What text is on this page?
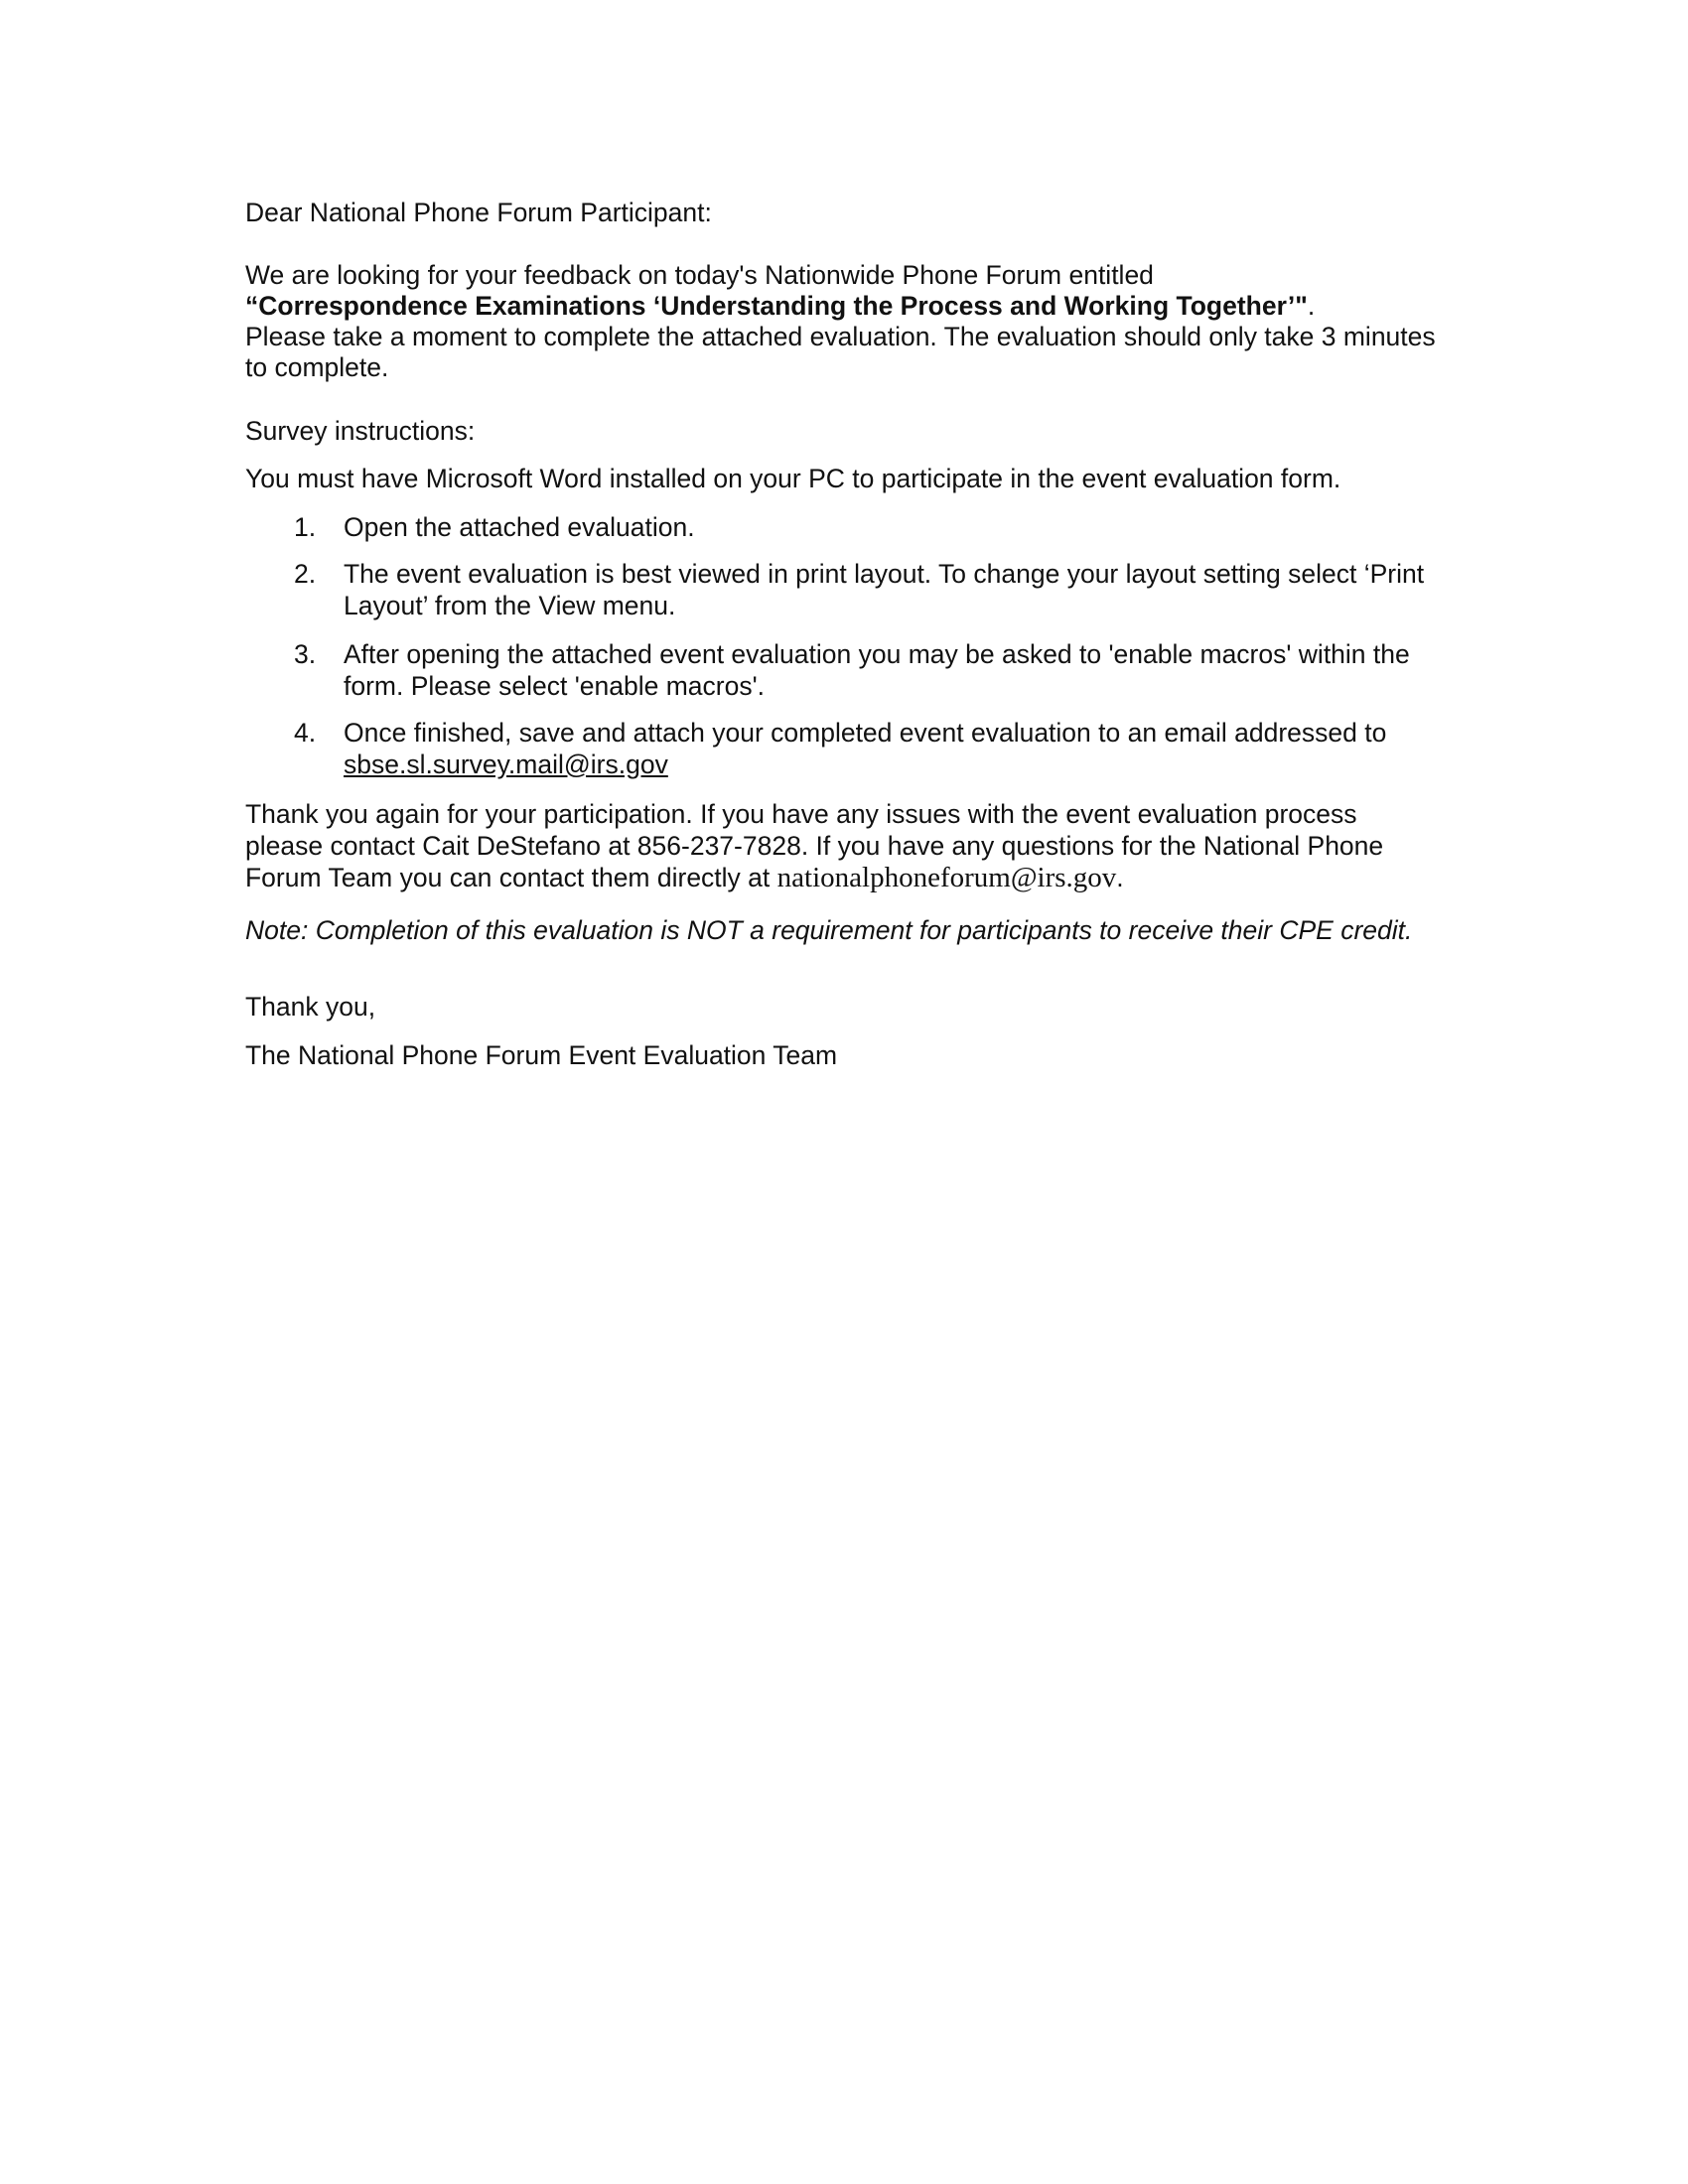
Dear National Phone Forum Participant:
We are looking for your feedback on today's Nationwide Phone Forum entitled
“Correspondence Examinations ‘Understanding the Process and Working Together’".
Please take a moment to complete the attached evaluation. The evaluation should only take 3 minutes to complete.
Survey instructions:
You must have Microsoft Word installed on your PC to participate in the event evaluation form.
1. Open the attached evaluation.
2. The event evaluation is best viewed in print layout. To change your layout setting select ‘Print Layout’ from the View menu.
3. After opening the attached event evaluation you may be asked to 'enable macros' within the form. Please select 'enable macros'.
4. Once finished, save and attach your completed event evaluation to an email addressed to sbse.sl.survey.mail@irs.gov
Thank you again for your participation. If you have any issues with the event evaluation process please contact Cait DeStefano at 856-237-7828. If you have any questions for the National Phone Forum Team you can contact them directly at nationalphoneforum@irs.gov.
Note: Completion of this evaluation is NOT a requirement for participants to receive their CPE credit.
Thank you,
The National Phone Forum Event Evaluation Team
